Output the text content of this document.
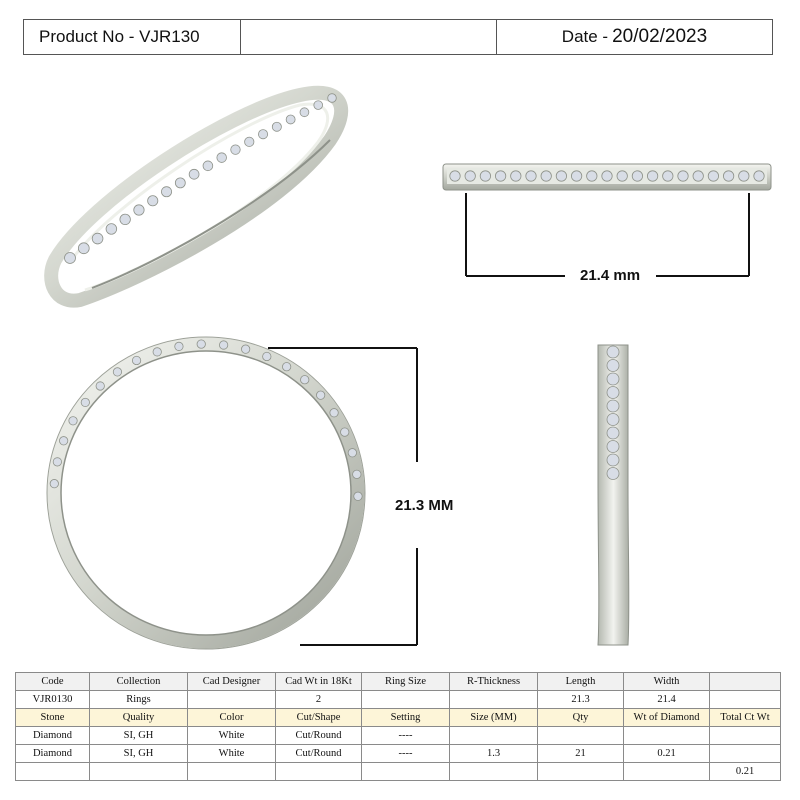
Product No - VJR130	Date - 20/02/2023
21.4 mm
21.3 MM
Code	Collection	Cad Designer	Cad Wt in 18Kt	Ring Size	R-Thickness	Length	Width	
VJR0130	Rings		2			21.3	21.4	
Stone	Quality	Color	Cut/Shape	Setting	Size (MM)	Qty	Wt of Diamond	Total Ct Wt
Diamond	SI, GH	White	Cut/Round	----				
Diamond	SI, GH	White	Cut/Round	----	1.3	21	0.21	
								0.21
